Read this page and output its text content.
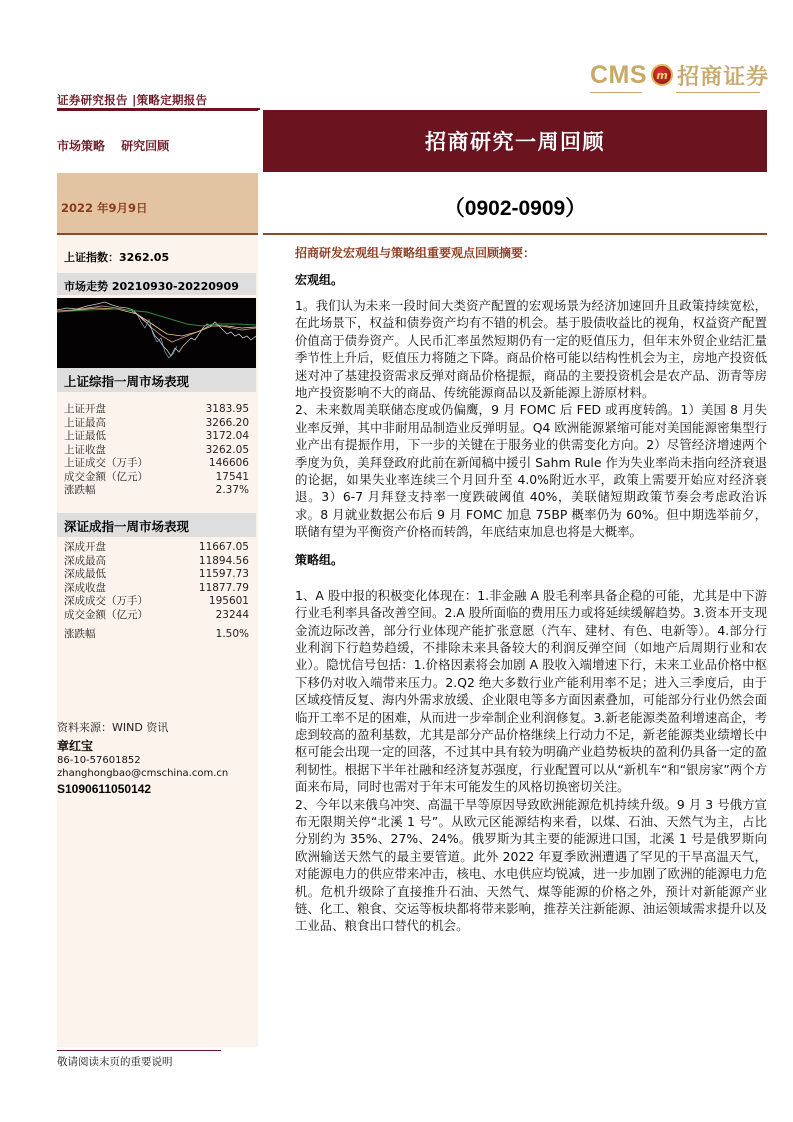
证券研究报告 |策略定期报告
CMS m 招商证券
招商研究一周回顾
（0902-0909）
市场策略 研究回顾
2022 年9月9日
上证指数：3262.05
市场走势 20210930-20220909
上证综指一周市场表现
上证开盘	3183.95
上证最高	3266.20
上证最低	3172.04
上证收盘	3262.05
上证成交（万手）	146606
成交金额（亿元）	17541
涨跌幅	2.37%
深证成指一周市场表现
深成开盘	11667.05
深成最高	11894.56
深成最低	11597.73
深成收盘	11877.79
深成成交（万手）	195601
成交金额（亿元）	23244
涨跌幅	1.50%
资料来源：WIND 资讯
章红宝
86-10-57601852
zhanghongbao@cmschina.com.cn
S1090611050142
招商研发宏观组与策略组重要观点回顾摘要：
宏观组。

1。我们认为未来一段时间大类资产配置的宏观场景为经济加速回升且政策持续宽松，在此场景下，权益和债券资产均有不错的机会。基于股债收益比的视角，权益资产配置价值高于债券资产。人民币汇率虽然短期仍有一定的贬值压力，但年末外贸企业结汇量季节性上升后，贬值压力将随之下降。商品价格可能以结构性机会为主，房地产投资低迷对冲了基建投资需求反弹对商品价格提振，商品的主要投资机会是农产品、沥青等房地产投资影响不大的商品、传统能源商品以及新能源上游原材料。

2、未来数周美联储态度或仍偏鹰，9 月 FOMC 后 FED 或再度转鸽。1）美国 8 月失业率反弹，其中非耐用品制造业反弹明显。Q4 欧洲能源紧缩可能对美国能源密集型行业产出有提振作用，下一步的关键在于服务业的供需变化方向。2）尽管经济增速两个季度为负，美拜登政府此前在新闻稿中援引 Sahm Rule 作为失业率尚未指向经济衰退的论据，如果失业率连续三个月回升至 4.0%附近水平，政策上需要开始应对经济衰退。3）6-7 月拜登支持率一度跌破阈值 40%，美联储短期政策节奏会考虑政治诉求。8 月就业数据公布后 9 月 FOMC 加息 75BP 概率仍为 60%。但中期选举前夕，联储有望为平衡资产价格而转鸽，年底结束加息也将是大概率。

策略组。

1、A 股中报的积极变化体现在：1.非金融 A 股毛利率具备企稳的可能，尤其是中下游行业毛利率具备改善空间。2.A 股所面临的费用压力或将延续缓解趋势。3.资本开支现金流边际改善，部分行业体现产能扩张意愿（汽车、建材、有色、电新等）。4.部分行业利润下行趋势趋缓，不排除未来具备较大的利润反弹空间（如地产后周期行业和农业）。隐忧信号包括：1.价格因素将会加剧 A 股收入端增速下行，未来工业品价格中枢下移仍对收入端带来压力。2.Q2 绝大多数行业产能利用率不足；进入三季度后，由于区域疫情反复、海内外需求放缓、企业限电等多方面因素叠加，可能部分行业仍然会面临开工率不足的困难，从而进一步牵制企业利润修复。3.新老能源类盈利增速高企，考虑到较高的盈利基数，尤其是部分产品价格继续上行动力不足，新老能源类业绩增长中枢可能会出现一定的回落，不过其中具有较为明确产业趋势板块的盈利仍具备一定的盈利韧性。根据下半年社融和经济复苏强度，行业配置可以从“新机车“和“银房家”两个方面来布局，同时也需对于年末可能发生的风格切换密切关注。

2、今年以来俄乌冲突、高温干旱等原因导致欧洲能源危机持续升级。9 月 3 号俄方宣布无限期关停“北溪 1 号”。从欧元区能源结构来看，以煤、石油、天然气为主，占比分别约为 35%、27%、24%。俄罗斯为其主要的能源进口国，北溪 1 号是俄罗斯向欧洲输送天然气的最主要管道。此外 2022 年夏季欧洲遭遇了罕见的干旱高温天气，对能源电力的供应带来冲击，核电、水电供应均锐减，进一步加剧了欧洲的能源电力危机。危机升级除了直接推升石油、天然气、煤等能源的价格之外，预计对新能源产业链、化工、粮食、交运等板块都将带来影响，推荐关注新能源、油运领域需求提升以及工业品、粮食出口替代的机会。

敬请阅读末页的重要说明
